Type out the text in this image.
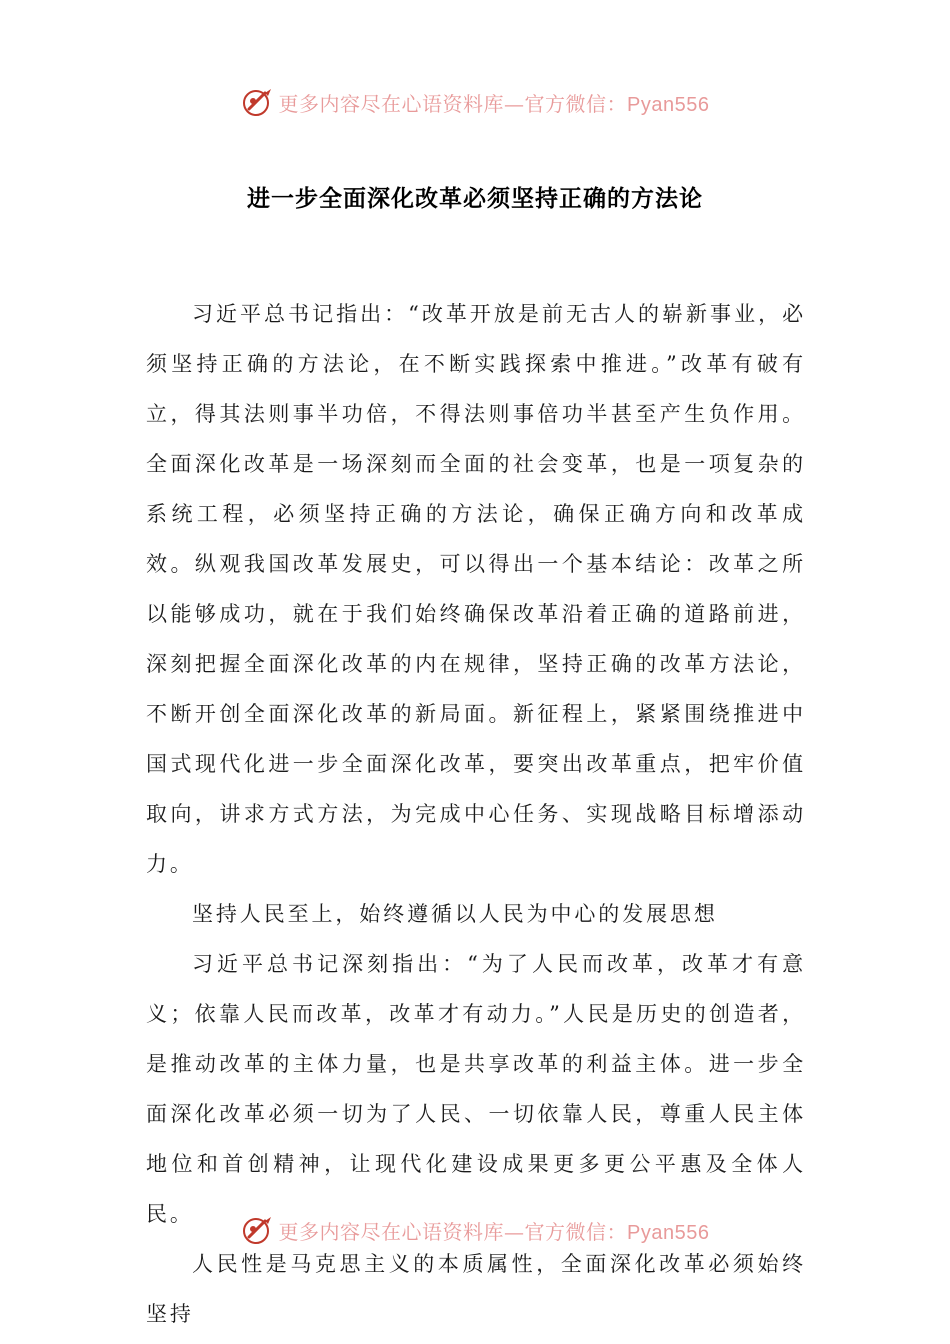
更多内容尽在心语资料库—官方微信：Pyan556
进一步全面深化改革必须坚持正确的方法论

习近平总书记指出：“改革开放是前无古人的崭新事业，必须坚持正确的方法论，在不断实践探索中推进。”改革有破有立，得其法则事半功倍，不得法则事倍功半甚至产生负作用。全面深化改革是一场深刻而全面的社会变革，也是一项复杂的系统工程，必须坚持正确的方法论，确保正确方向和改革成效。纵观我国改革发展史，可以得出一个基本结论：改革之所以能够成功，就在于我们始终确保改革沿着正确的道路前进，深刻把握全面深化改革的内在规律，坚持正确的改革方法论，不断开创全面深化改革的新局面。新征程上，紧紧围绕推进中国式现代化进一步全面深化改革，要突出改革重点，把牢价值取向，讲求方式方法，为完成中心任务、实现战略目标增添动力。

坚持人民至上，始终遵循以人民为中心的发展思想

习近平总书记深刻指出：“为了人民而改革，改革才有意义；依靠人民而改革，改革才有动力。”人民是历史的创造者，是推动改革的主体力量，也是共享改革的利益主体。进一步全面深化改革必须一切为了人民、一切依靠人民，尊重人民主体地位和首创精神，让现代化建设成果更多更公平惠及全体人民。

人民性是马克思主义的本质属性，全面深化改革必须始终坚持

更多内容尽在心语资料库—官方微信：Pyan556
